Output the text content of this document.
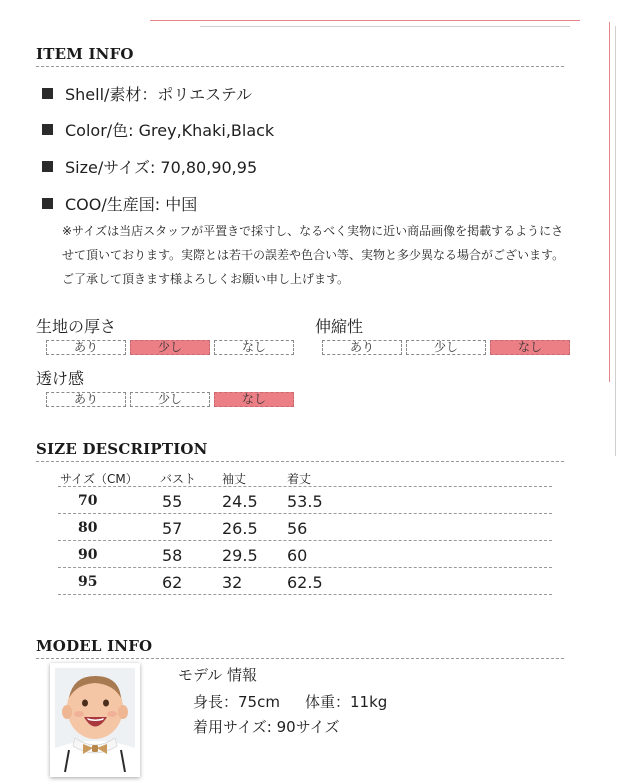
ITEM INFO
Shell/素材：ポリエステル
Color/色: Grey,Khaki,Black
Size/サイズ: 70,80,90,95
COO/生産国: 中国
※サイズは当店スタッフが平置きで採寸し、なるべく実物に近い商品画像を掲載するようにさせて頂いております。実際とは若干の誤差や色合い等、実物と多少異なる場合がございます。ご了承して頂きます様よろしくお願い申し上げます。
生地の厚さ
あり	少し	なし
伸縮性
あり	少し	なし
透け感
あり	少し	なし
SIZE DESCRIPTION
サイズ（CM） バスト 袖丈	着丈
70	55 24.5 53.5
80	57 26.5 56
90	58 29.5 60
95	62 32	62.5
MODEL INFO
モデル 情報
身長：75cm 体重：11kg
着用サイズ: 90サイズ
